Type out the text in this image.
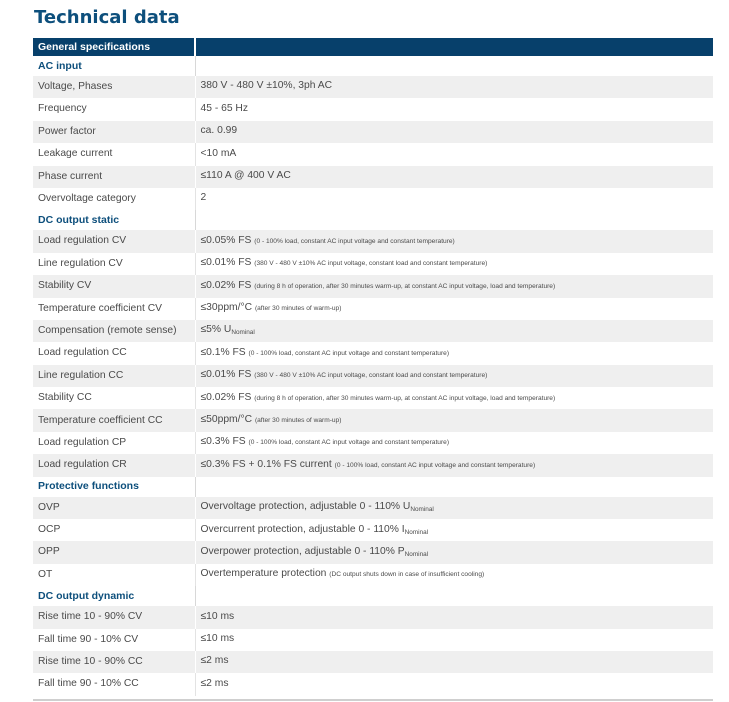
Technical data
General specifications	
AC input	
Voltage, Phases	380 V - 480 V ±10%, 3ph AC
Frequency	45 - 65 Hz
Power factor	ca. 0.99
Leakage current	<10 mA
Phase current	≤110 A @ 400 V AC
Overvoltage category	2
DC output static	
Load regulation CV	≤0.05% FS (0 - 100% load, constant AC input voltage and constant temperature)
Line regulation CV	≤0.01% FS (380 V - 480 V ±10% AC input voltage, constant load and constant temperature)
Stability CV	≤0.02% FS (during 8 h of operation, after 30 minutes warm-up, at constant AC input voltage, load and temperature)
Temperature coefficient CV	≤30ppm/°C (after 30 minutes of warm-up)
Compensation (remote sense)	≤5% $U_{Nominal}$
Load regulation CC	≤0.1% FS (0 - 100% load, constant AC input voltage and constant temperature)
Line regulation CC	≤0.01% FS (380 V - 480 V ±10% AC input voltage, constant load and constant temperature)
Stability CC	≤0.02% FS (during 8 h of operation, after 30 minutes warm-up, at constant AC input voltage, load and temperature)
Temperature coefficient CC	≤50ppm/°C (after 30 minutes of warm-up)
Load regulation CP	≤0.3% FS (0 - 100% load, constant AC input voltage and constant temperature)
Load regulation CR	≤0.3% FS + 0.1% FS current (0 - 100% load, constant AC input voltage and constant temperature)
Protective functions	
OVP	Overvoltage protection, adjustable 0 - 110% $U_{Nominal}$
OCP	Overcurrent protection, adjustable 0 - 110% $I_{Nominal}$
OPP	Overpower protection, adjustable 0 - 110% $P_{Nominal}$
OT	Overtemperature protection (DC output shuts down in case of insufficient cooling)
DC output dynamic	
Rise time 10 - 90% CV	≤10 ms
Fall time 90 - 10% CV	≤10 ms
Rise time 10 - 90% CC	≤2 ms
Fall time 90 - 10% CC	≤2 ms
